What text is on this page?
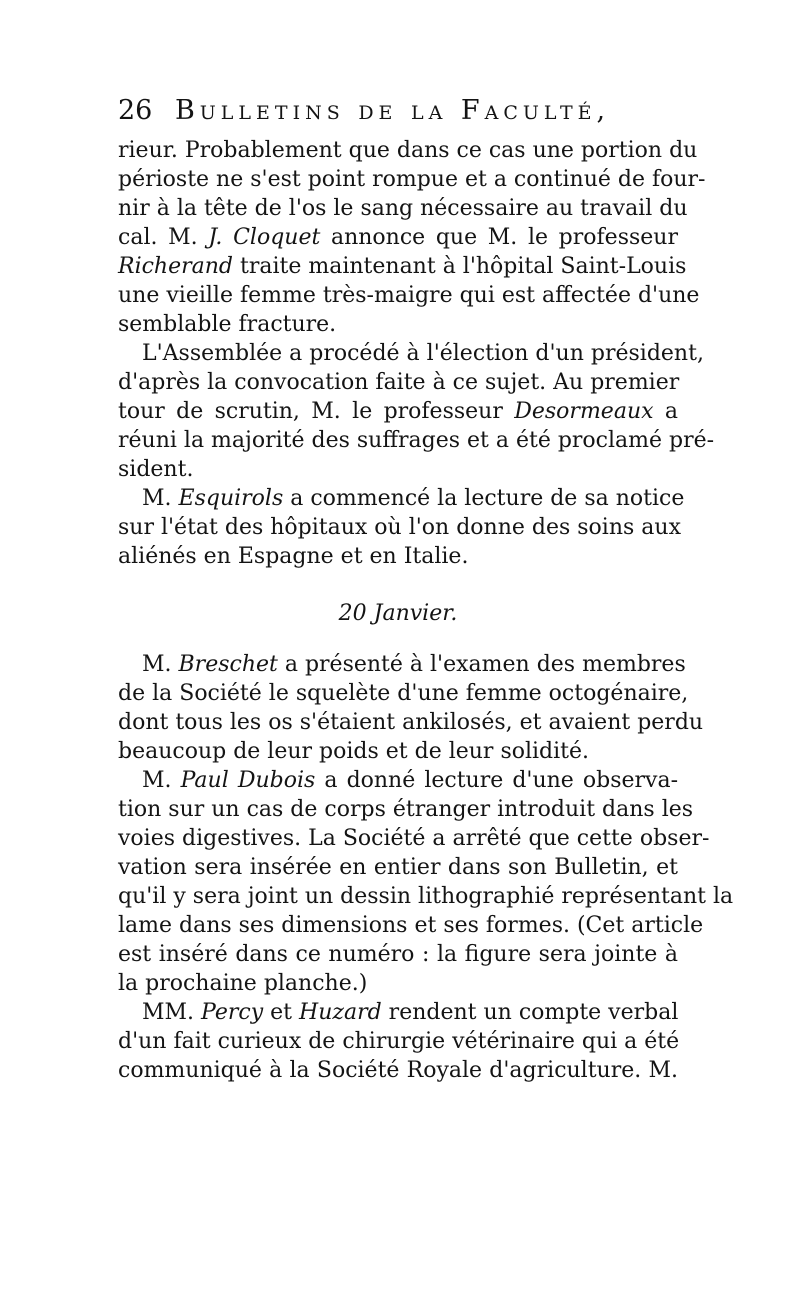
26 Bulletins de la Faculté,
rieur. Probablement que dans ce cas une portion du
périoste ne s'est point rompue et a continué de four-
nir à la tête de l'os le sang nécessaire au travail du
cal. M. J. Cloquet annonce que M. le professeur
Richerand traite maintenant à l'hôpital Saint-Louis
une vieille femme très-maigre qui est affectée d'une
semblable fracture.
L'Assemblée a procédé à l'élection d'un président,
d'après la convocation faite à ce sujet. Au premier
tour de scrutin, M. le professeur Desormeaux a
réuni la majorité des suffrages et a été proclamé pré-
sident.
M. Esquirols a commencé la lecture de sa notice
sur l'état des hôpitaux où l'on donne des soins aux
aliénés en Espagne et en Italie.
20 Janvier.
M. Breschet a présenté à l'examen des membres
de la Société le squelète d'une femme octogénaire,
dont tous les os s'étaient ankilosés, et avaient perdu
beaucoup de leur poids et de leur solidité.
M. Paul Dubois a donné lecture d'une observa-
tion sur un cas de corps étranger introduit dans les
voies digestives. La Société a arrêté que cette obser-
vation sera insérée en entier dans son Bulletin, et
qu'il y sera joint un dessin lithographié représentant la
lame dans ses dimensions et ses formes. (Cet article
est inséré dans ce numéro : la figure sera jointe à
la prochaine planche.)
MM. Percy et Huzard rendent un compte verbal
d'un fait curieux de chirurgie vétérinaire qui a été
communiqué à la Société Royale d'agriculture. M.
